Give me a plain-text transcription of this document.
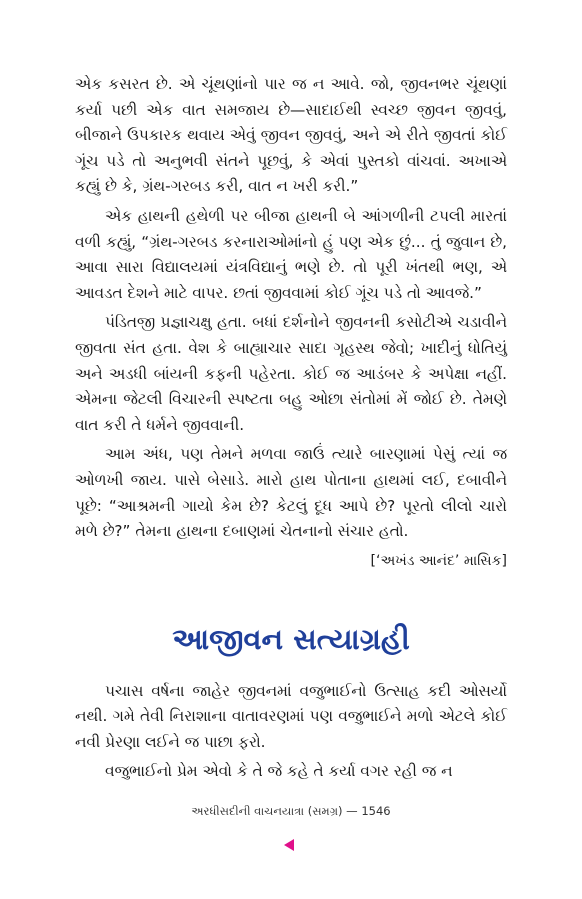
એક કસરત છે. એ ચૂંથણાંનો પાર જ ન આવે. જો, જીવનભર ચૂંથણાં કર્યા પછી એક વાત સમજાય છે—સાદાઈથી સ્વચ્છ જીવન જીવવું, બીજાને ઉપકારક થવાય એવું જીવન જીવવું, અને એ રીતે જીવતાં કોઈ ગૂંચ પડે તો અનુભવી સંતને પૂછવું, કે એવાં પુસ્તકો વાંચવાં. અખાએ કહ્યું છે કે, ગ્રંથ-ગરબડ કરી, વાત ન ખરી કરી.”

એક હાથની હથેળી પર બીજા હાથની બે આંગળીની ટપલી મારતાં વળી કહ્યું, “ગ્રંથ-ગરબડ કરનારાઓમાંનો હું પણ એક છું... તું જુવાન છે, આવા સારા વિદ્યાલયમાં યંત્રવિદ્યાનું ભણે છે. તો પૂરી ખંતથી ભણ, એ આવડત દેશને માટે વાપર. છતાં જીવવામાં કોઈ ગૂંચ પડે તો આવજે.”

પંડિતજી પ્રજ્ઞાચક્ષુ હતા. બધાં દર્શનોને જીવનની કસોટીએ ચડાવીને જીવતા સંત હતા. વેશ કે બાહ્યાચાર સાદા ગૃહસ્થ જેવો; ખાદીનું ધોતિયું અને અડધી બાંયની કફની પહેરતા. કોઈ જ આડંબર કે અપેક્ષા નહીં. એમના જેટલી વિચારની સ્પષ્ટતા બહુ ઓછા સંતોમાં મેં જોઈ છે. તેમણે વાત કરી તે ધર્મને જીવવાની.

આમ અંધ, પણ તેમને મળવા જાઉં ત્યારે બારણામાં પેસું ત્યાં જ ઓળખી જાય. પાસે બેસાડે. મારો હાથ પોતાના હાથમાં લઈ, દબાવીને પૂછે: “આશ્રમની ગાયો કેમ છે? કેટલું દૂધ આપે છે? પૂરતો લીલો ચારો મળે છે?” તેમના હાથના દબાણમાં ચેતનાનો સંચાર હતો.

[‘અખંડ આનંદ’ માસિક]

આજીવન સત્યાગ્રહી

પચાસ વર્ષના જાહેર જીવનમાં વજુભાઈનો ઉત્સાહ કદી ઓસર્યો નથી. ગમે તેવી નિરાશાના વાતાવરણમાં પણ વજુભાઈને મળો એટલે કોઈ નવી પ્રેરણા લઈને જ પાછા ફરો.

વજુભાઈનો પ્રેમ એવો કે તે જે કહે તે કર્યા વગર રહી જ ન

અરધીસદીની વાચનયાત્રા (સમગ્ર) — 1546
